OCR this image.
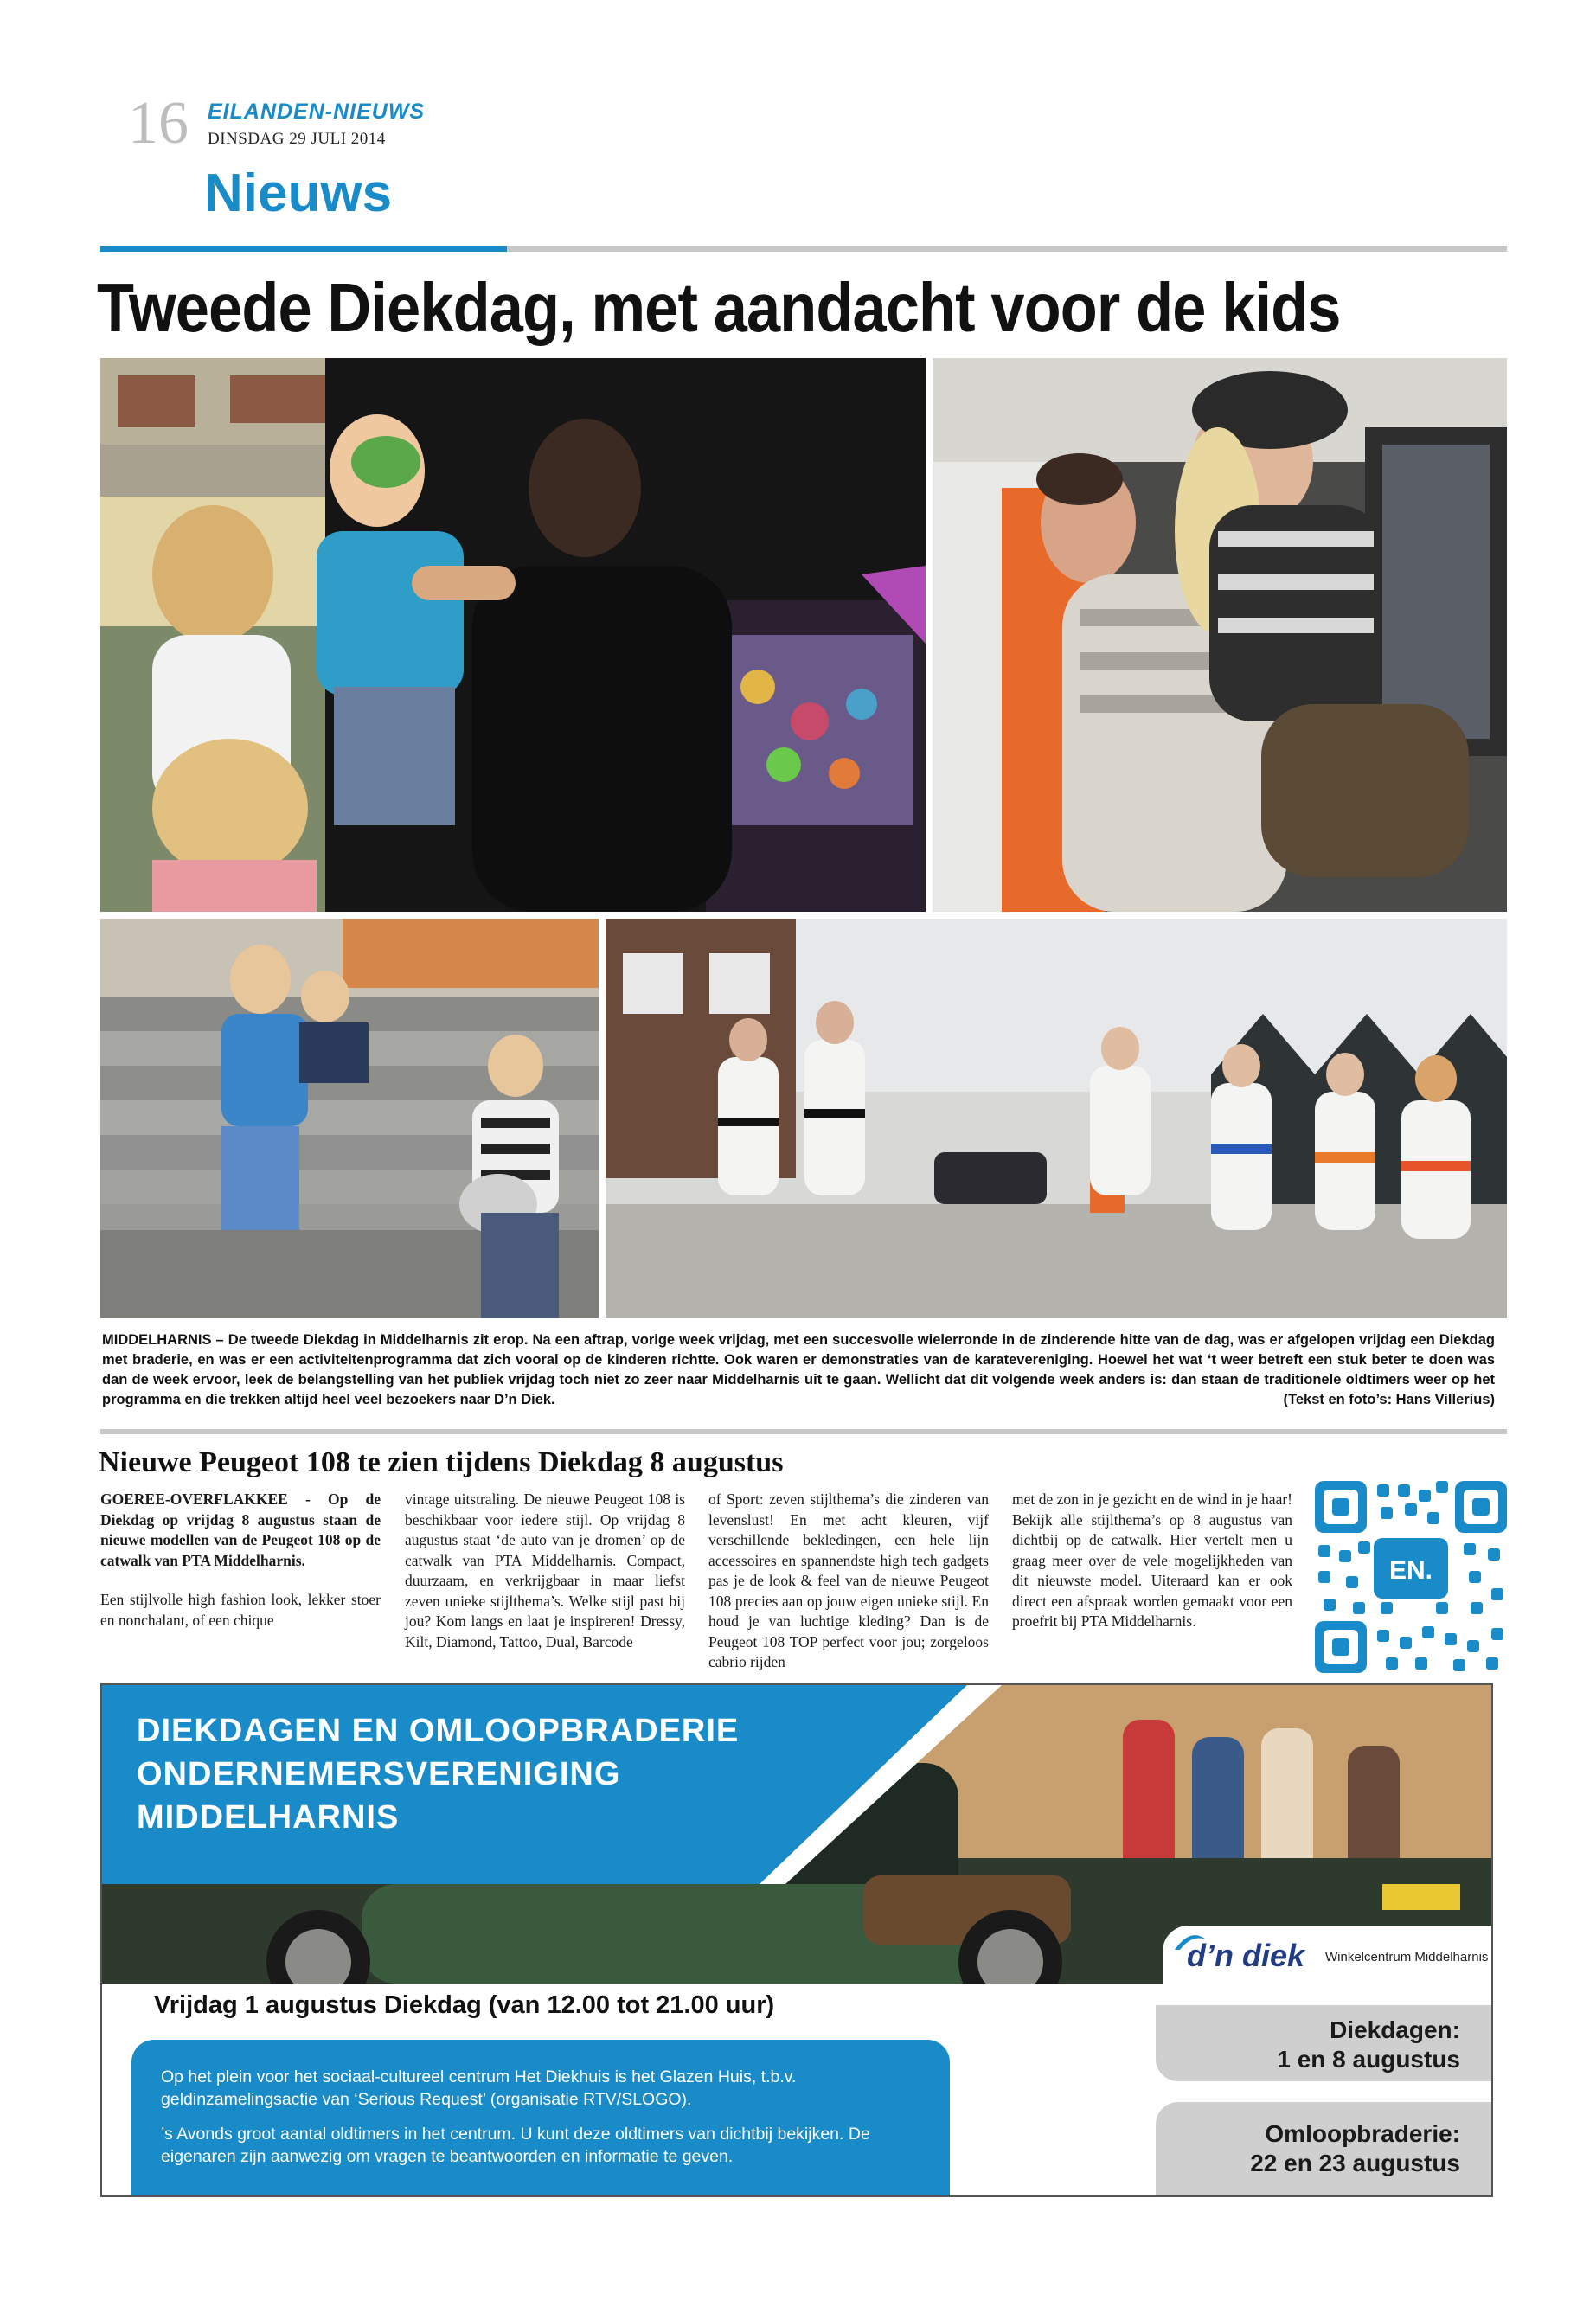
16 EILANDEN-NIEUWS
DINSDAG 29 JULI 2014
Nieuws
Tweede Diekdag, met aandacht voor de kids
MIDDELHARNIS – De tweede Diekdag in Middelharnis zit erop. Na een aftrap, vorige week vrijdag, met een succesvolle wielerronde in de zinderende hitte van de dag, was er afgelopen vrijdag een Diekdag met braderie, en was er een activiteitenprogramma dat zich vooral op de kinderen richtte. Ook waren er demonstraties van de karatevereniging. Hoewel het wat ‘t weer betreft een stuk beter te doen was dan de week ervoor, leek de belangstelling van het publiek vrijdag toch niet zo zeer naar Middelharnis uit te gaan. Wellicht dat dit volgende week anders is: dan staan de traditionele oldtimers weer op het programma en die trekken altijd heel veel bezoekers naar D’n Diek.	(Tekst en foto’s: Hans Villerius)
Nieuwe Peugeot 108 te zien tijdens Diekdag 8 augustus

GOEREE-OVERFLAKKEE - Op de Diekdag op vrijdag 8 augustus staan de nieuwe modellen van de Peugeot 108 op de catwalk van PTA Middelharnis.

Een stijlvolle high fashion look, lekker stoer en nonchalant, of een chique

vintage uitstraling. De nieuwe Peugeot 108 is beschikbaar voor iedere stijl. Op vrijdag 8 augustus staat ‘de auto van je dromen’ op de catwalk van PTA Middelharnis. Compact, duurzaam, en verkrijgbaar in maar liefst zeven unieke stijlthema’s. Welke stijl past bij jou? Kom langs en laat je inspireren! Dressy, Kilt, Diamond, Tattoo, Dual, Barcode
of Sport: zeven stijlthema’s die zinderen van levenslust! En met acht kleuren, vijf verschillende bekledingen, een hele lijn accessoires en spannendste high tech gadgets pas je de look & feel van de nieuwe Peugeot 108 precies aan op jouw eigen unieke stijl. En houd je van luchtige kleding? Dan is de Peugeot 108 TOP perfect voor jou; zorgeloos cabrio rijden
met de zon in je gezicht en de wind in je haar! Bekijk alle stijlthema’s op 8 augustus van dichtbij op de catwalk. Hier vertelt men u graag meer over de vele mogelijkheden van dit nieuwste model. Uiteraard kan er ook direct een afspraak worden gemaakt voor een proefrit bij PTA Middelharnis.
EN.
DIEKDAGEN EN OMLOOPBRADERIE
ONDERNEMERSVERENIGING
MIDDELHARNIS
d’n diek Winkelcentrum Middelharnis
Vrijdag 1 augustus Diekdag (van 12.00 tot 21.00 uur)
Op het plein voor het sociaal-cultureel centrum Het Diekhuis is het Glazen Huis, t.b.v. geldinzamelingsactie van ‘Serious Request’ (organisatie RTV/SLOGO).
’s Avonds groot aantal oldtimers in het centrum. U kunt deze oldtimers van dichtbij bekijken. De eigenaren zijn aanwezig om vragen te beantwoorden en informatie te geven.
Diekdagen:
1 en 8 augustus
Omloopbraderie:
22 en 23 augustus
